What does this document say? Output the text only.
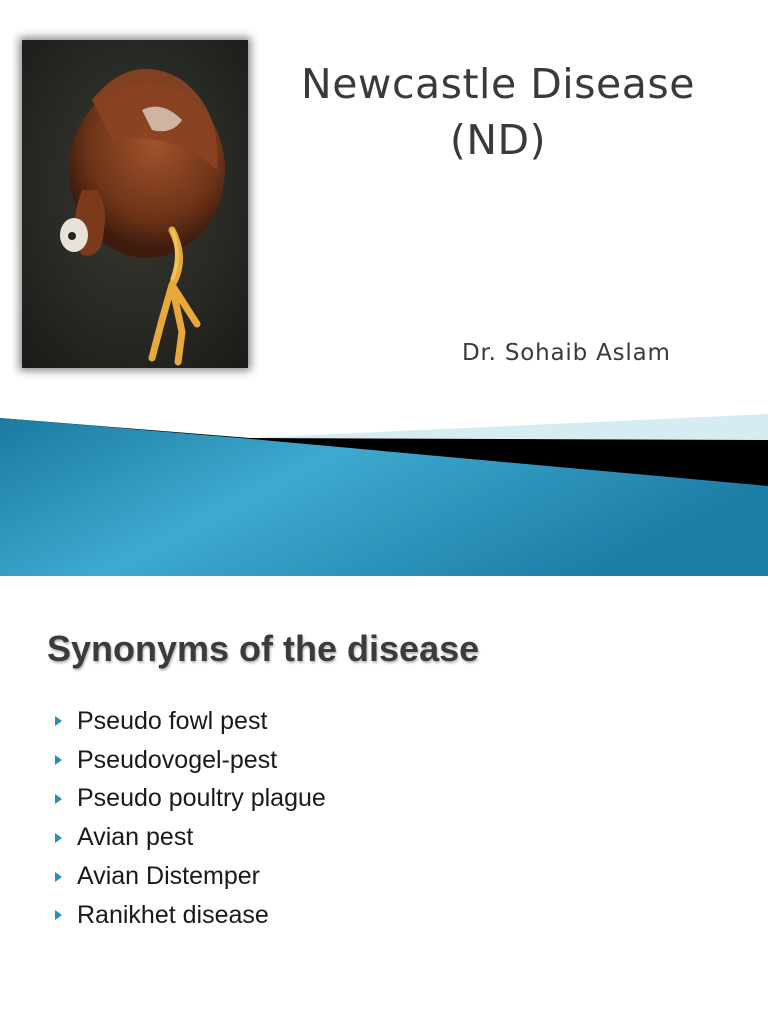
Newcastle Disease
(ND)
Dr. Sohaib Aslam
Synonyms of the disease
Pseudo fowl pest
Pseudovogel-pest
Pseudo poultry plague
Avian pest
Avian Distemper
Ranikhet disease
